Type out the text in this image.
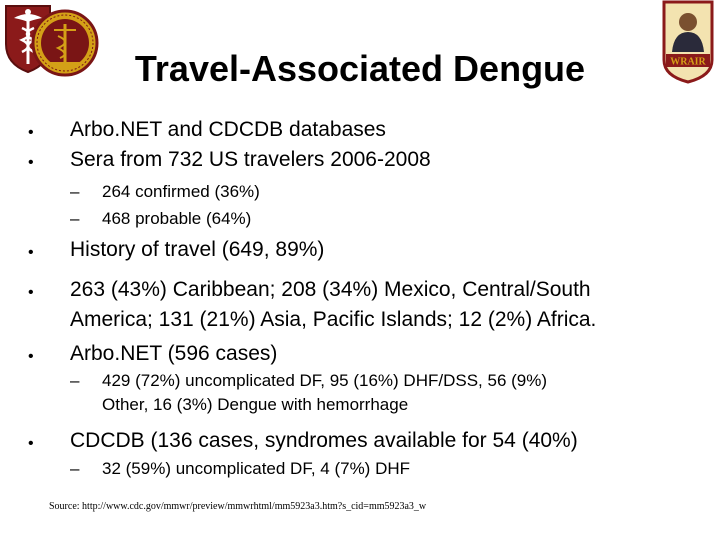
WRAIR
Travel-Associated Dengue
• Arbo.NET and CDCDB databases
• Sera from 732 US travelers 2006-2008
– 264 confirmed (36%)
– 468 probable (64%)
• History of travel (649, 89%)
• 263 (43%) Caribbean; 208 (34%) Mexico, Central/South
America; 131 (21%) Asia, Pacific Islands; 12 (2%) Africa.
• Arbo.NET (596 cases)
– 429 (72%) uncomplicated DF, 95 (16%) DHF/DSS, 56 (9%)
Other, 16 (3%) Dengue with hemorrhage
• CDCDB (136 cases, syndromes available for 54 (40%)
– 32 (59%) uncomplicated DF, 4 (7%) DHF
Source: http://www.cdc.gov/mmwr/preview/mmwrhtml/mm5923a3.htm?s_cid=mm5923a3_w
